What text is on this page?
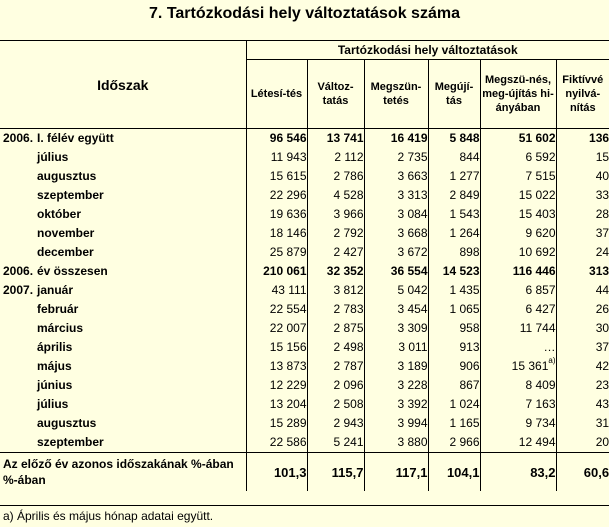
7. Tartózkodási hely változtatások száma
Időszak	Tartózkodási hely változtatások					
	Létesí-tés	Változ-tatás	Megszün-tetés	Megújí-tás	Megszü-nés, meg-újítás hi-ányában	Fiktívvé nyilvá-nítás
2006. I. félév együtt	96 546	13 741	16 419	5 848	51 602	136
július	11 943	2 112	2 735	844	6 592	15
augusztus	15 615	2 786	3 663	1 277	7 515	40
szeptember	22 296	4 528	3 313	2 849	15 022	33
október	19 636	3 966	3 084	1 543	15 403	28
november	18 146	2 792	3 668	1 264	9 620	37
december	25 879	2 427	3 672	898	10 692	24
2006. év összesen	210 061	32 352	36 554	14 523	116 446	313
2007. január	43 111	3 812	5 042	1 435	6 857	44
február	22 554	2 783	3 454	1 065	6 427	26
március	22 007	2 875	3 309	958	11 744	30
április	15 156	2 498	3 011	913	…	37
május	13 873	2 787	3 189	906	15 361$^{a)}$	42
június	12 229	2 096	3 228	867	8 409	23
július	13 204	2 508	3 392	1 024	7 163	43
augusztus	15 289	2 943	3 994	1 165	9 734	31
szeptember	22 586	5 241	3 880	2 966	12 494	20
Az előző év azonos időszakának %-ában %-ában	101,3	115,7	117,1	104,1	83,2	60,6
a) Április és május hónap adatai együtt.
